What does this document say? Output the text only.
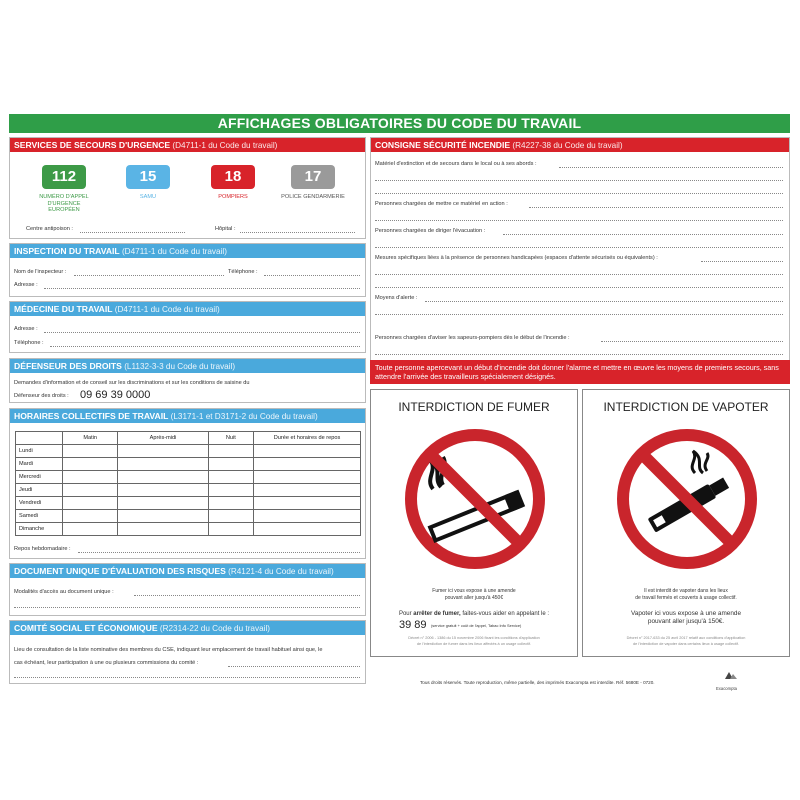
AFFICHAGES OBLIGATOIRES DU CODE DU TRAVAIL
SERVICES DE SECOURS D'URGENCE (D4711-1 du Code du travail)
112
NUMÉRO D'APPEL D'URGENCE EUROPÉEN
15
SAMU
18
POMPIERS
17
POLICE GENDARMERIE
Centre antipoison :	Hôpital :
INSPECTION DU TRAVAIL (D4711-1 du Code du travail)
Nom de l'inspecteur :	Téléphone :
Adresse :
MÉDECINE DU TRAVAIL (D4711-1 du Code du travail)
Adresse :
Téléphone :
DÉFENSEUR DES DROITS (L1132-3-3 du Code du travail)
Demandes d'information et de conseil sur les discriminations et sur les conditions de saisine du
Défenseur des droits : 09 69 39 0000
HORAIRES COLLECTIFS DE TRAVAIL (L3171-1 et D3171-2 du Code du travail)
	Matin	Après-midi	Nuit	Durée et horaires de repos
Lundi				
Mardi				
Mercredi				
Jeudi				
Vendredi				
Samedi				
Dimanche				
Repos hebdomadaire :
DOCUMENT UNIQUE D'ÉVALUATION DES RISQUES (R4121-4 du Code du travail)
Modalités d'accès au document unique :
COMITÉ SOCIAL ET ÉCONOMIQUE (R2314-22 du Code du travail)
Lieu de consultation de la liste nominative des membres du CSE, indiquant leur emplacement de travail habituel ainsi que, le
cas échéant, leur participation à une ou plusieurs commissions du comité :
CONSIGNE SÉCURITÉ INCENDIE (R4227-38 du Code du travail)
Matériel d'extinction et de secours dans le local ou à ses abords :
Personnes chargées de mettre ce matériel en action :
Personnes chargées de diriger l'évacuation :
Mesures spécifiques liées à la présence de personnes handicapées (espaces d'attente sécurisés ou équivalents) :
Moyens d'alerte :
Personnes chargées d'aviser les sapeurs-pompiers dès le début de l'incendie :
Toute personne apercevant un début d'incendie doit donner l'alarme et mettre en œuvre les moyens de premiers secours, sans attendre l'arrivée des travailleurs spécialement désignés.
INTERDICTION DE FUMER
Fumer ici vous expose à une amende
pouvant aller jusqu'à 450€
Pour arrêter de fumer, faites-vous aider en appelant le :
39 89 (service gratuit + coût de l'appel, Tabac Info Service)
Décret n° 2006 - 1386 du 15 novembre 2006 fixant les conditions d'application
de l'interdiction de fumer dans les lieux affectés à un usage collectif.
INTERDICTION DE VAPOTER
Il est interdit de vapoter dans les lieux
de travail fermés et couverts à usage collectif.
Vapoter ici vous expose à une amende
pouvant aller jusqu'à 150€.
Décret n° 2017-633 du 25 avril 2017 relatif aux conditions d'application
de l'interdiction de vapoter dans certains lieux à usage collectif.
Tous droits réservés. Toute reproduction, même partielle, des imprimés Exacompta est interdite. Réf. 5680E - 0720.
Exacompta
